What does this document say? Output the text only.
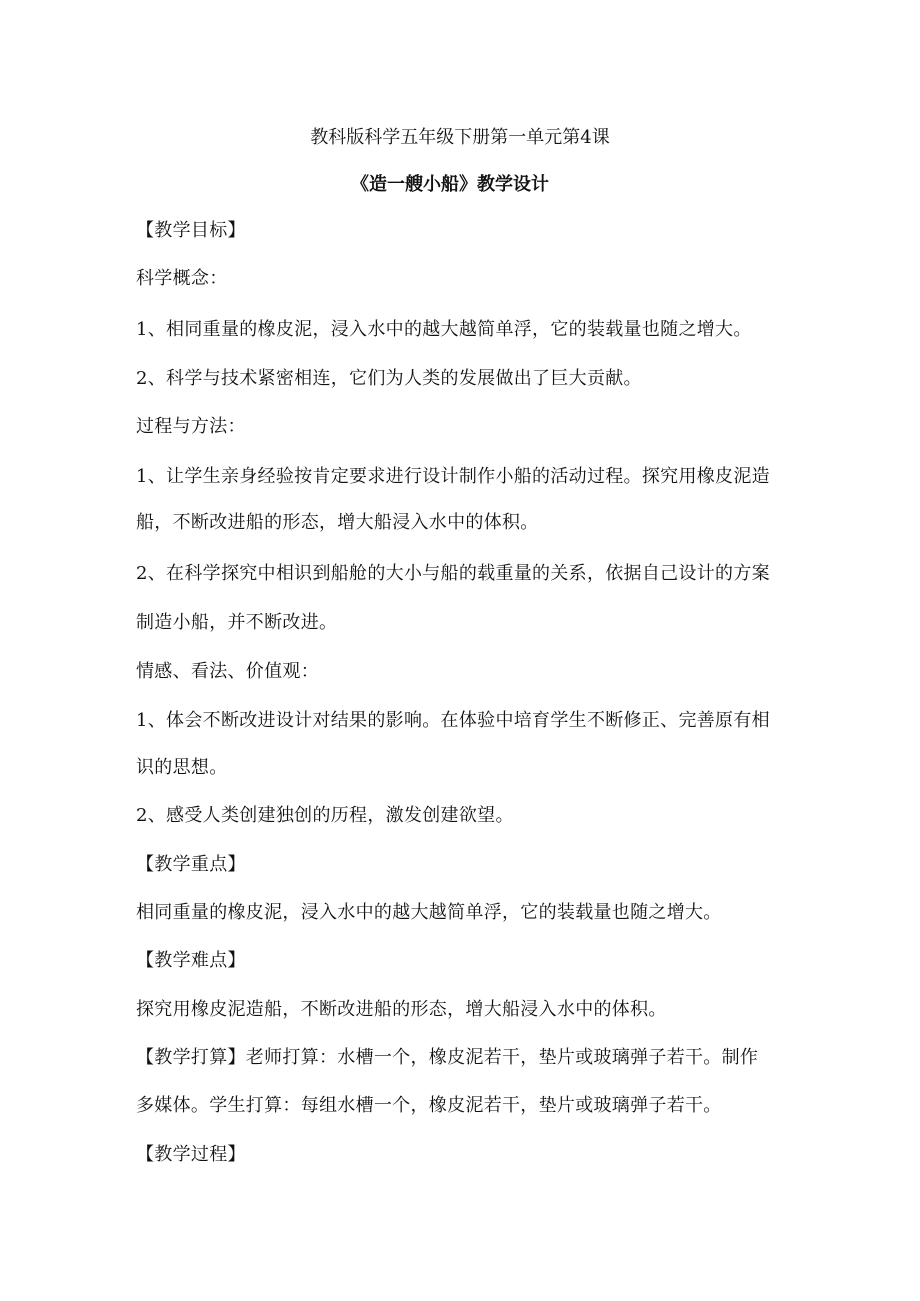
教科版科学五年级下册第一单元第4课
《造一艘小船》教学设计
【教学目标】
科学概念：
1、相同重量的橡皮泥，浸入水中的越大越简单浮，它的装载量也随之增大。
2、科学与技术紧密相连，它们为人类的发展做出了巨大贡献。
过程与方法：
1、让学生亲身经验按肯定要求进行设计制作小船的活动过程。探究用橡皮泥造
船，不断改进船的形态，增大船浸入水中的体积。
2、在科学探究中相识到船舱的大小与船的载重量的关系，依据自己设计的方案
制造小船，并不断改进。
情感、看法、价值观：
1、体会不断改进设计对结果的影响。在体验中培育学生不断修正、完善原有相
识的思想。
2、感受人类创建独创的历程，激发创建欲望。
【教学重点】
相同重量的橡皮泥，浸入水中的越大越简单浮，它的装载量也随之增大。
【教学难点】
探究用橡皮泥造船，不断改进船的形态，增大船浸入水中的体积。
【教学打算】老师打算：水槽一个，橡皮泥若干，垫片或玻璃弹子若干。制作
多媒体。学生打算：每组水槽一个，橡皮泥若干，垫片或玻璃弹子若干。
【教学过程】
